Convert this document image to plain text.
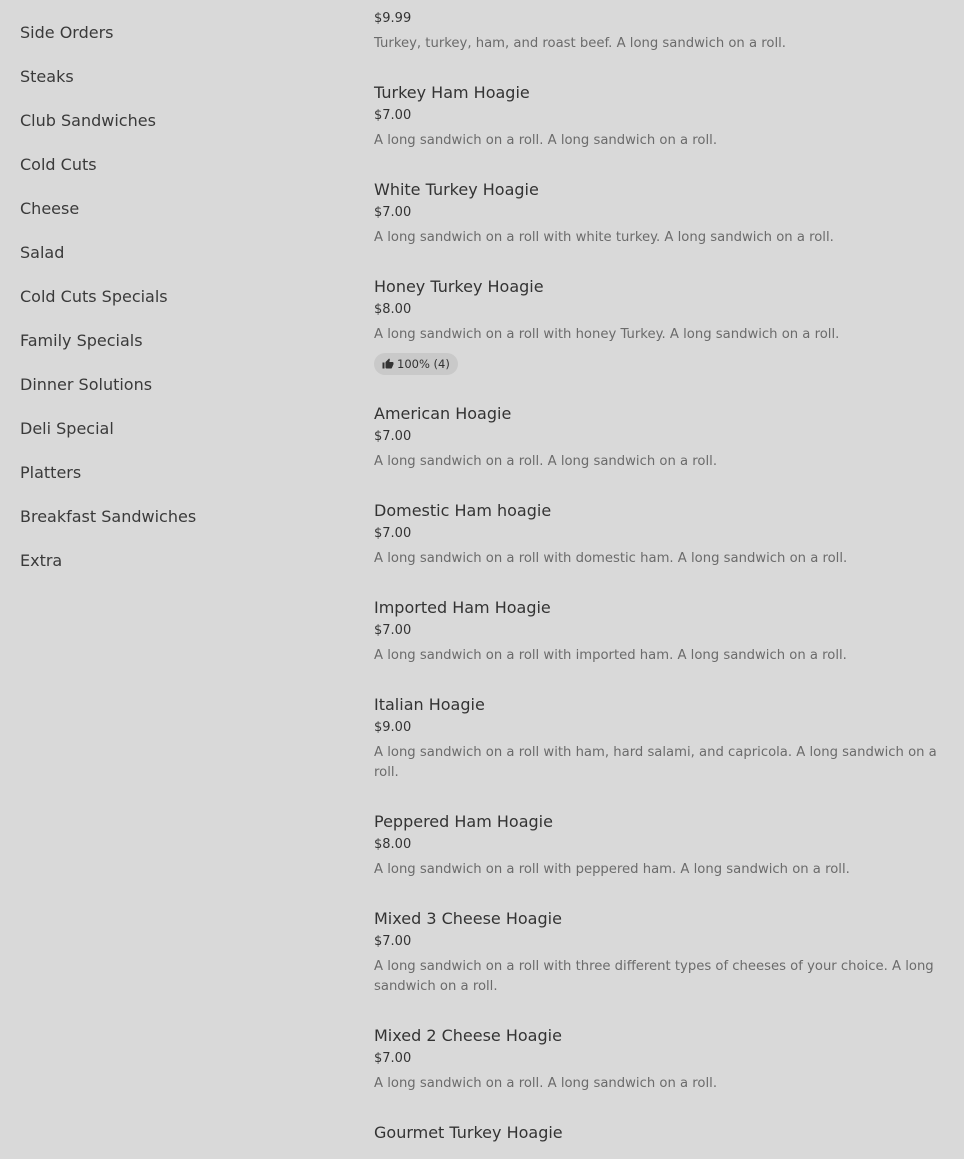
Side Orders
Steaks
Club Sandwiches
Cold Cuts
Cheese
Salad
Cold Cuts Specials
Family Specials
Dinner Solutions
Deli Special
Platters
Breakfast Sandwiches
Extra
$9.99
Turkey, turkey, ham, and roast beef. A long sandwich on a roll.
Turkey Ham Hoagie
$7.00
A long sandwich on a roll. A long sandwich on a roll.
White Turkey Hoagie
$7.00
A long sandwich on a roll with white turkey. A long sandwich on a roll.
Honey Turkey Hoagie
$8.00
A long sandwich on a roll with honey Turkey. A long sandwich on a roll.
100% (4)
American Hoagie
$7.00
A long sandwich on a roll. A long sandwich on a roll.
Domestic Ham hoagie
$7.00
A long sandwich on a roll with domestic ham. A long sandwich on a roll.
Imported Ham Hoagie
$7.00
A long sandwich on a roll with imported ham. A long sandwich on a roll.
Italian Hoagie
$9.00
A long sandwich on a roll with ham, hard salami, and capricola. A long sandwich on a roll.
Peppered Ham Hoagie
$8.00
A long sandwich on a roll with peppered ham. A long sandwich on a roll.
Mixed 3 Cheese Hoagie
$7.00
A long sandwich on a roll with three different types of cheeses of your choice. A long sandwich on a roll.
Mixed 2 Cheese Hoagie
$7.00
A long sandwich on a roll. A long sandwich on a roll.
Gourmet Turkey Hoagie
